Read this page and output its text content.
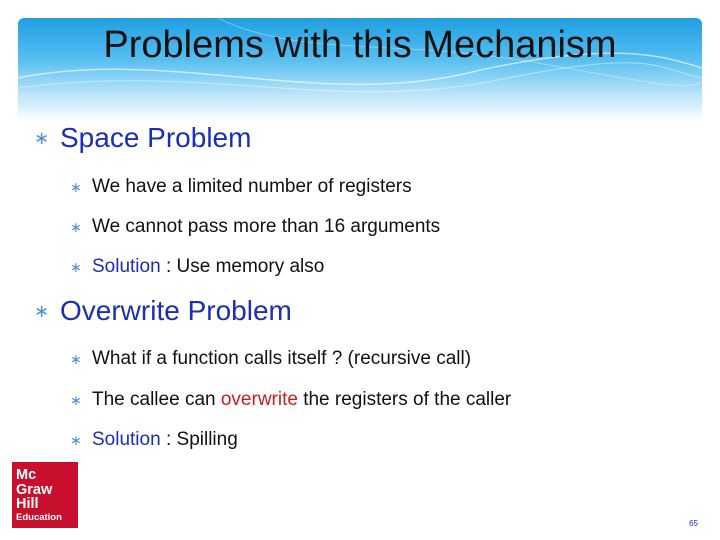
Problems with this Mechanism
∗ Space Problem
∗ We have a limited number of registers
∗ We cannot pass more than 16 arguments
∗ Solution : Use memory also
∗ Overwrite Problem
∗ What if a function calls itself ? (recursive call)
∗ The callee can overwrite the registers of the caller
∗ Solution : Spilling
Mc
Graw
Hill
Education
65
